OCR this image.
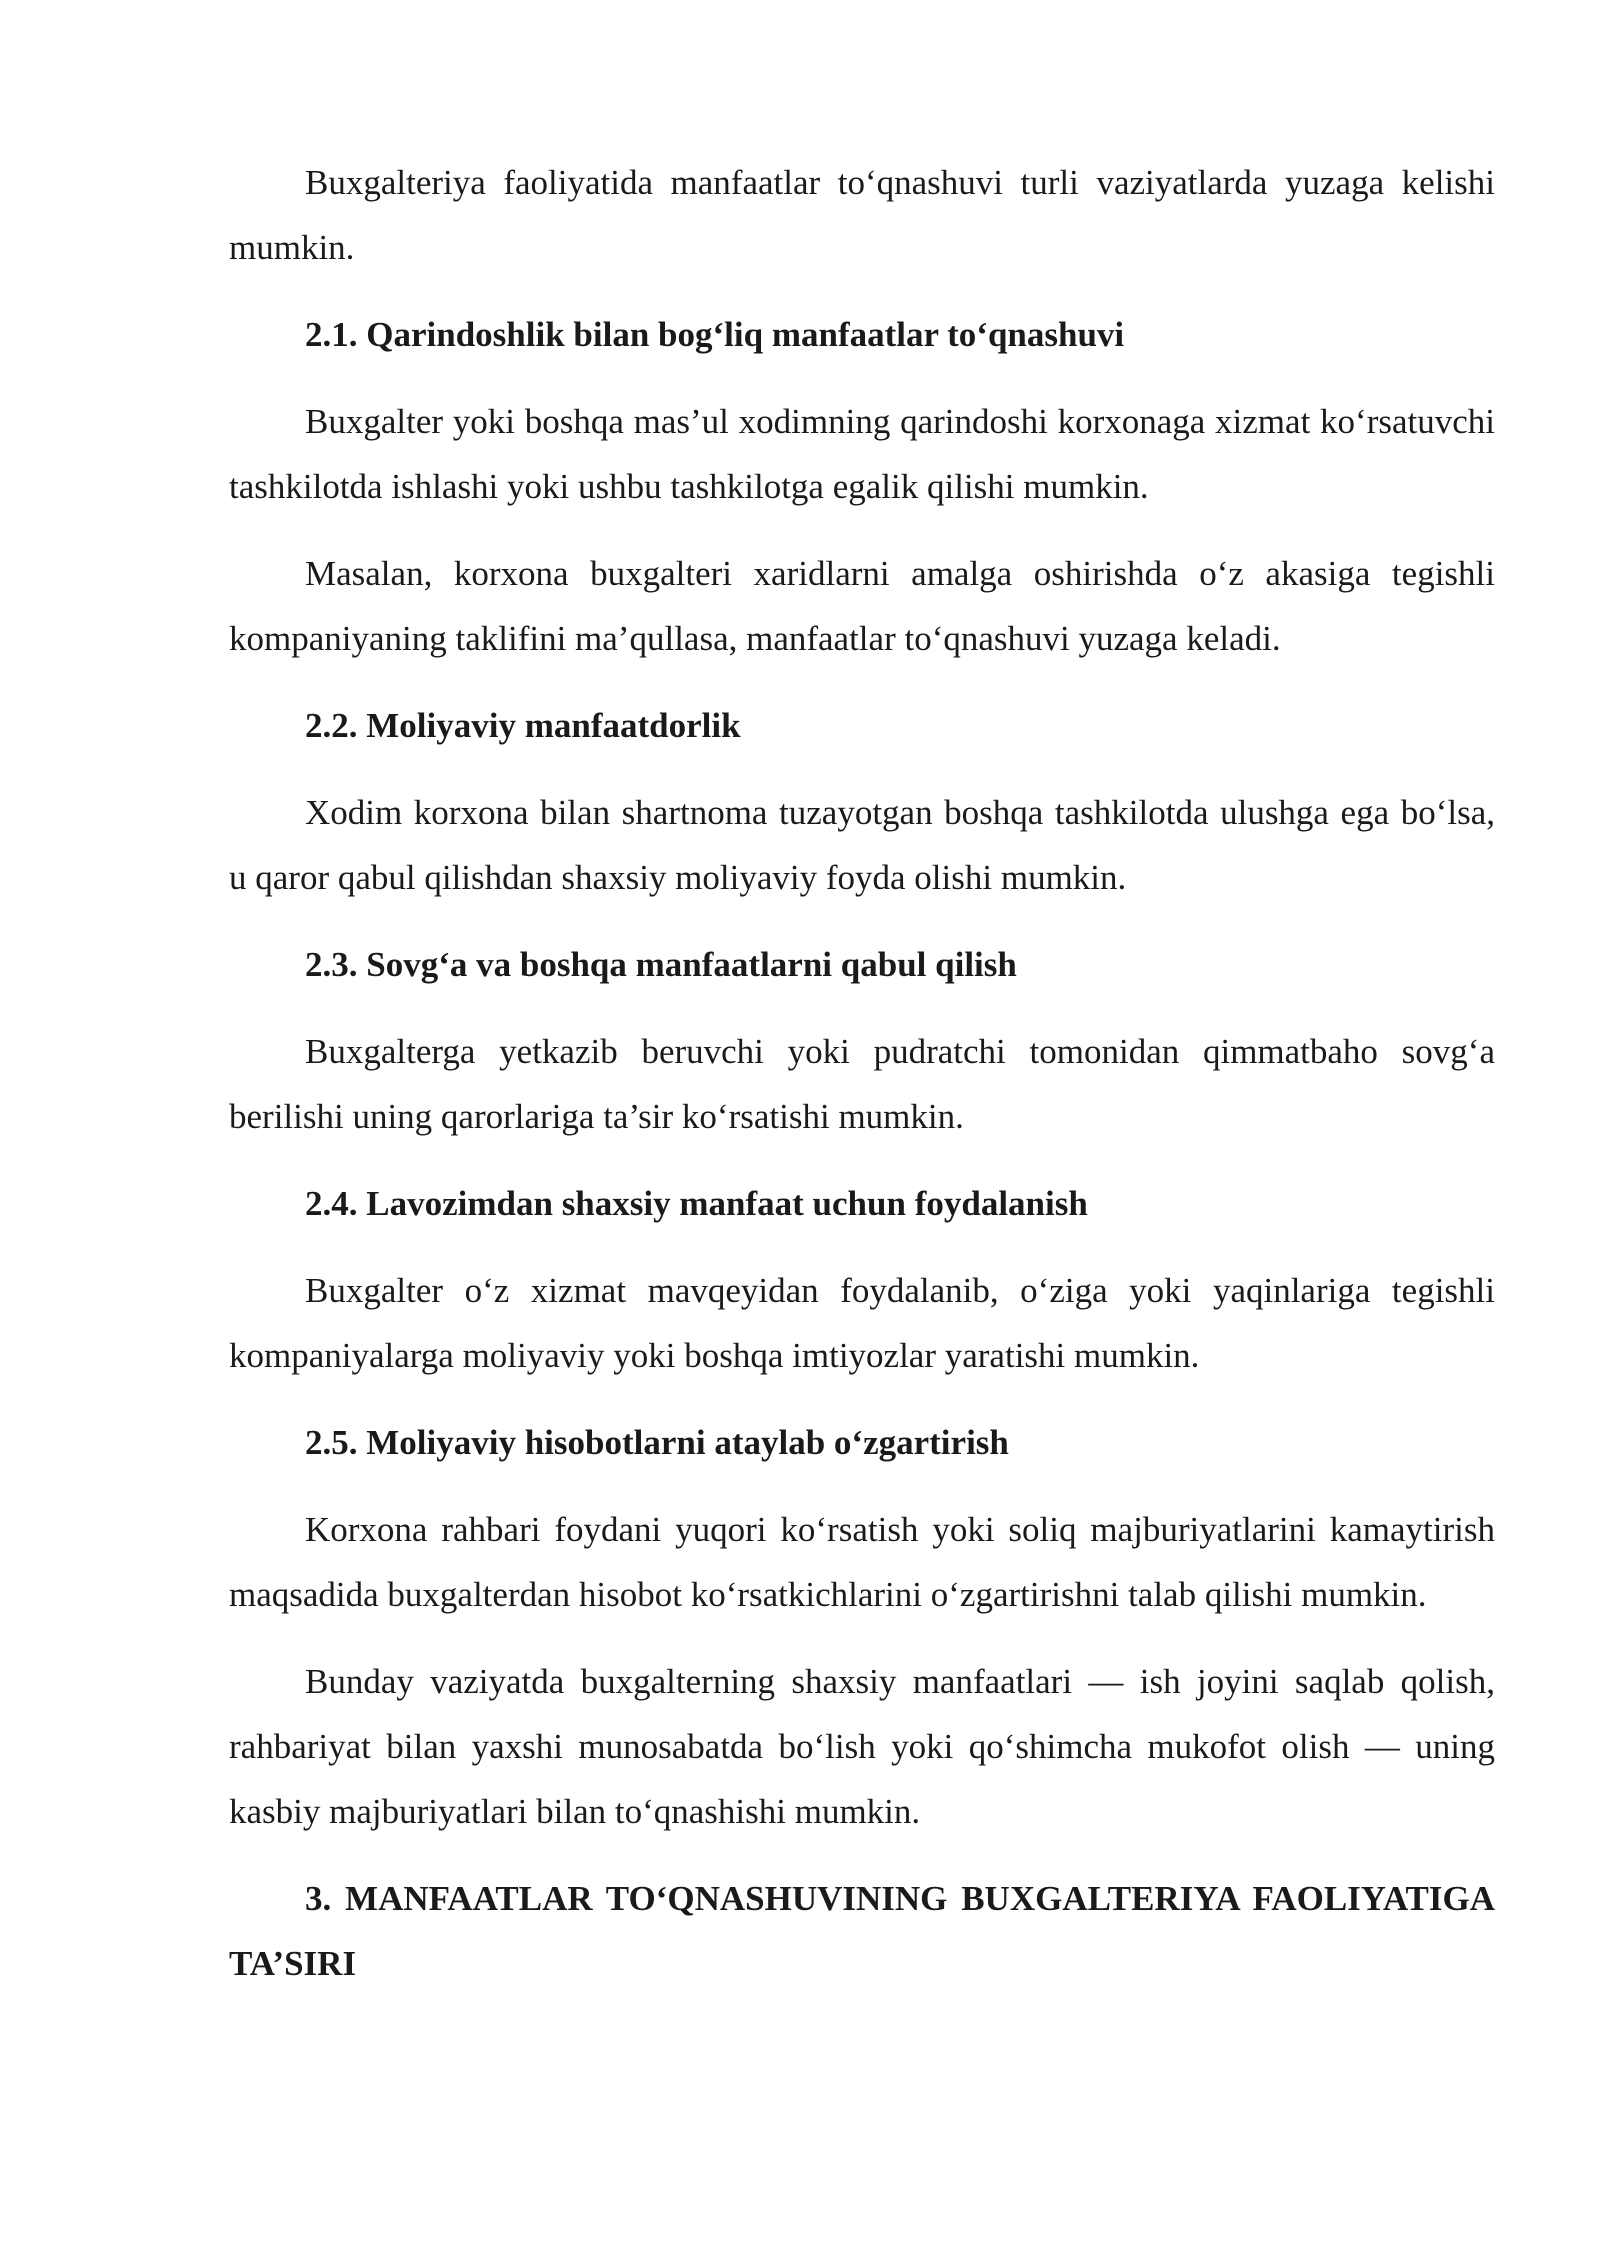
Buxgalteriya faoliyatida manfaatlar to‘qnashuvi turli vaziyatlarda yuzaga kelishi mumkin.

2.1. Qarindoshlik bilan bog‘liq manfaatlar to‘qnashuvi

Buxgalter yoki boshqa mas’ul xodimning qarindoshi korxonaga xizmat ko‘rsatuvchi tashkilotda ishlashi yoki ushbu tashkilotga egalik qilishi mumkin.

Masalan, korxona buxgalteri xaridlarni amalga oshirishda o‘z akasiga tegishli kompaniyaning taklifini ma’qullasa, manfaatlar to‘qnashuvi yuzaga keladi.

2.2. Moliyaviy manfaatdorlik

Xodim korxona bilan shartnoma tuzayotgan boshqa tashkilotda ulushga ega bo‘lsa, u qaror qabul qilishdan shaxsiy moliyaviy foyda olishi mumkin.

2.3. Sovg‘a va boshqa manfaatlarni qabul qilish

Buxgalterga yetkazib beruvchi yoki pudratchi tomonidan qimmatbaho sovg‘a berilishi uning qarorlariga ta’sir ko‘rsatishi mumkin.

2.4. Lavozimdan shaxsiy manfaat uchun foydalanish

Buxgalter o‘z xizmat mavqeyidan foydalanib, o‘ziga yoki yaqinlariga tegishli kompaniyalarga moliyaviy yoki boshqa imtiyozlar yaratishi mumkin.

2.5. Moliyaviy hisobotlarni ataylab o‘zgartirish

Korxona rahbari foydani yuqori ko‘rsatish yoki soliq majburiyatlarini kamaytirish maqsadida buxgalterdan hisobot ko‘rsatkichlarini o‘zgartirishni talab qilishi mumkin.

Bunday vaziyatda buxgalterning shaxsiy manfaatlari — ish joyini saqlab qolish, rahbariyat bilan yaxshi munosabatda bo‘lish yoki qo‘shimcha mukofot olish — uning kasbiy majburiyatlari bilan to‘qnashishi mumkin.

3. MANFAATLAR TO‘QNASHUVINING BUXGALTERIYA FAOLIYATIGA TA’SIRI
